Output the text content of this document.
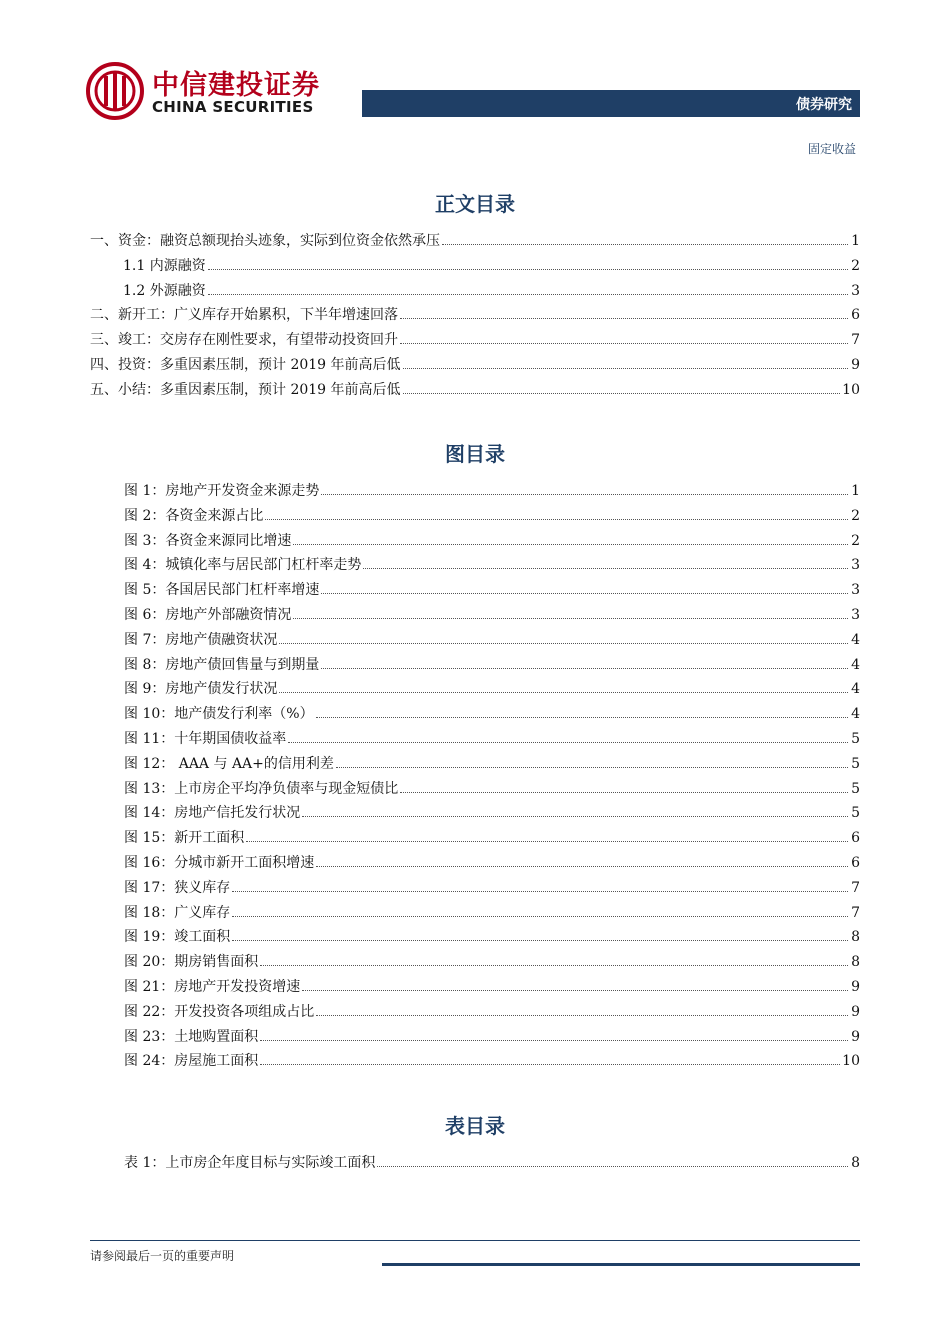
中信建投证券
CHINA SECURITIES	债券研究
固定收益
正文目录
一、资金：融资总额现抬头迹象，实际到位资金依然承压	1
1.1 内源融资	2
1.2 外源融资	3
二、新开工：广义库存开始累积，下半年增速回落	6
三、竣工：交房存在刚性要求，有望带动投资回升	7
四、投资：多重因素压制，预计 2019 年前高后低	9
五、小结：多重因素压制，预计 2019 年前高后低	10
图目录
图 1：房地产开发资金来源走势	1
图 2：各资金来源占比	2
图 3：各资金来源同比增速	2
图 4：城镇化率与居民部门杠杆率走势	3
图 5：各国居民部门杠杆率增速	3
图 6：房地产外部融资情况	3
图 7：房地产债融资状况	4
图 8：房地产债回售量与到期量	4
图 9：房地产债发行状况	4
图 10：地产债发行利率（%）	4
图 11：十年期国债收益率	5
图 12： AAA 与 AA+的信用利差	5
图 13：上市房企平均净负债率与现金短债比	5
图 14：房地产信托发行状况	5
图 15：新开工面积	6
图 16：分城市新开工面积增速	6
图 17：狭义库存	7
图 18：广义库存	7
图 19：竣工面积	8
图 20：期房销售面积	8
图 21：房地产开发投资增速	9
图 22：开发投资各项组成占比	9
图 23：土地购置面积	9
图 24：房屋施工面积	10
表目录
表 1：上市房企年度目标与实际竣工面积	8
请参阅最后一页的重要声明
